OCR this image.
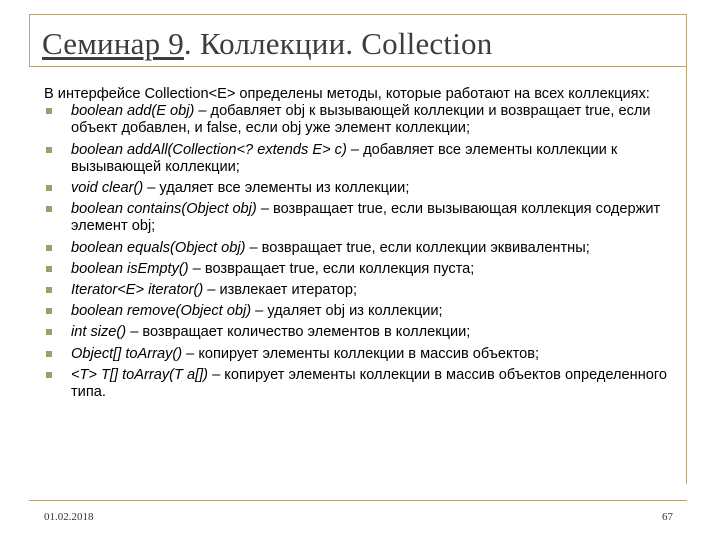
Семинар 9. Коллекции. Collection

В интерфейсе Collection<E> определены методы, которые работают на всех коллекциях:

boolean add(E obj) – добавляет obj к вызывающей коллекции и возвращает true, если объект добавлен, и false, если obj уже элемент коллекции;
boolean addAll(Collection<? extends E> c) – добавляет все элементы коллекции к вызывающей коллекции;
void clear() – удаляет все элементы из коллекции;
boolean contains(Object obj) – возвращает true, если вызывающая коллекция содержит элемент obj;
boolean equals(Object obj) – возвращает true, если коллекции эквивалентны;
boolean isEmpty() – возвращает true, если коллекция пуста;
Iterator<E> iterator() – извлекает итератор;
boolean remove(Object obj) – удаляет obj из коллекции;
int size() – возвращает количество элементов в коллекции;
Object[] toArray() – копирует элементы коллекции в массив объектов;
<T> T[] toArray(T a[]) – копирует элементы коллекции в массив объектов определенного типа.
01.02.2018	67
